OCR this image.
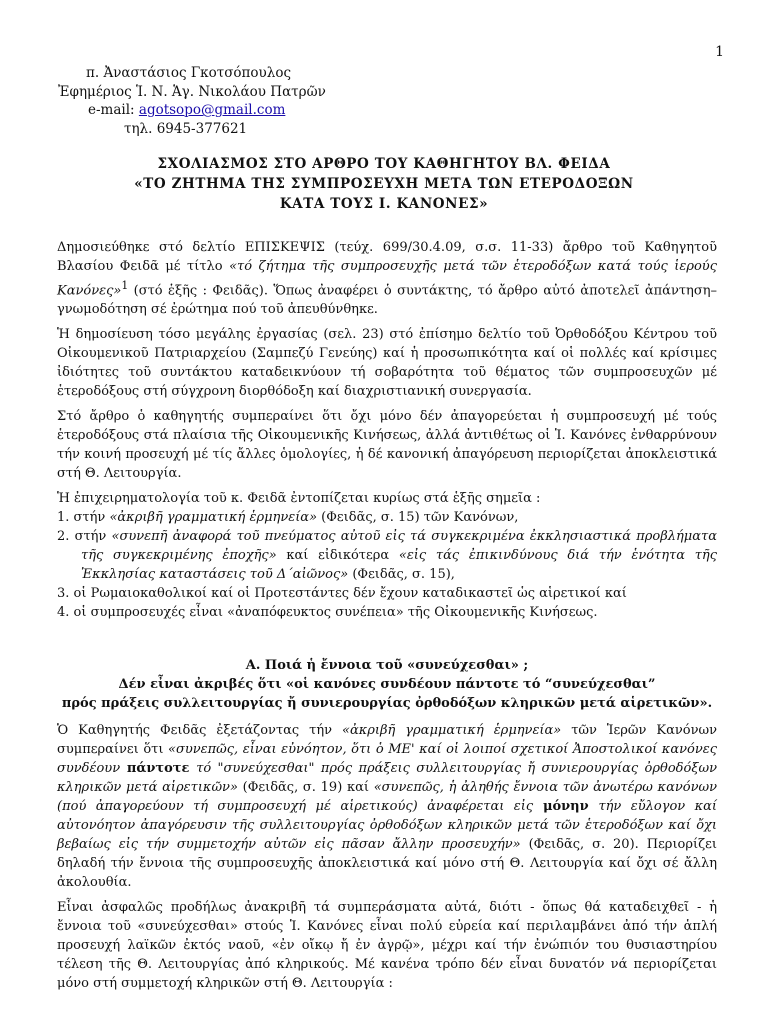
1
π. Ἀναστάσιος Γκοτσόπουλος
Ἐφημέριος Ἱ. Ν. Ἁγ. Νικολάου Πατρῶν
e-mail: agotsopo@gmail.com
τηλ. 6945-377621
ΣΧΟΛΙΑΣΜΟΣ ΣΤΟ ΑΡΘΡΟ ΤΟΥ ΚΑΘΗΓΗΤΟΥ ΒΛ. ΦΕΙΔΑ
«ΤΟ ΖΗΤΗΜΑ ΤΗΣ ΣΥΜΠΡΟΣΕΥΧΗ ΜΕΤΑ ΤΩΝ ΕΤΕΡΟΔΟΞΩΝ
ΚΑΤΑ ΤΟΥΣ Ι. ΚΑΝΟΝΕΣ»

Δημοσιεύθηκε στό δελτίο ΕΠΙΣΚΕΨΙΣ (τεύχ. 699/30.4.09, σ.σ. 11-33) ἄρθρο τοῦ Καθηγητοῦ Βλασίου Φειδᾶ μέ τίτλο «τό ζήτημα τῆς συμπροσευχῆς μετά τῶν ἑτεροδόξων κατά τούς ἱερούς Κανόνες»$^1$ (στό ἑξῆς : Φειδᾶς). Ὅπως ἀναφέρει ὁ συντάκτης, τό ἄρθρο αὐτό ἀποτελεῖ ἀπάντηση–γνωμοδότηση σέ ἐρώτημα πού τοῦ ἀπευθύνθηκε.

Ἡ δημοσίευση τόσο μεγάλης ἐργασίας (σελ. 23) στό ἐπίσημο δελτίο τοῦ Ὀρθοδόξου Κέντρου τοῦ Οἰκουμενικοῦ Πατριαρχείου (Σαμπεζύ Γενεύης) καί ἡ προσωπικότητα καί οἱ πολλές καί κρίσιμες ἰδιότητες τοῦ συντάκτου καταδεικνύουν τή σοβαρότητα τοῦ θέματος τῶν συμπροσευχῶν μέ ἑτεροδόξους στή σύγχρονη διορθόδοξη καί διαχριστιανική συνεργασία.

Στό ἄρθρο ὁ καθηγητής συμπεραίνει ὅτι ὄχι μόνο δέν ἀπαγορεύεται ἡ συμπροσευχή μέ τούς ἑτεροδόξους στά πλαίσια τῆς Οἰκουμενικῆς Κινήσεως, ἀλλά ἀντιθέτως οἱ Ἱ. Κανόνες ἐνθαρρύνουν τήν κοινή προσευχή μέ τίς ἄλλες ὁμολογίες, ἡ δέ κανονική ἀπαγόρευση περιορίζεται ἀποκλειστικά στή Θ. Λειτουργία.

Ἡ ἐπιχειρηματολογία τοῦ κ. Φειδᾶ ἐντοπίζεται κυρίως στά ἑξῆς σημεῖα :
1. στήν «ἀκριβῆ γραμματική ἑρμηνεία» (Φειδᾶς, σ. 15) τῶν Κανόνων,
2. στήν «συνεπῆ ἀναφορά τοῦ πνεύματος αὐτοῦ εἰς τά συγκεκριμένα ἐκκλησιαστικά προβλήματα τῆς συγκεκριμένης ἐποχῆς» καί εἰδικότερα «εἰς τάς ἐπικινδύνους διά τήν ἑνότητα τῆς Ἐκκλησίας καταστάσεις τοῦ Δ΄αἰῶνος» (Φειδᾶς, σ. 15),
3. οἱ Ρωμαιοκαθολικοί καί οἱ Προτεστάντες δέν ἔχουν καταδικαστεῖ ὡς αἱρετικοί καί
4. οἱ συμπροσευχές εἶναι «ἀναπόφευκτος συνέπεια» τῆς Οἰκουμενικῆς Κινήσεως.
Α. Ποιά ἡ ἔννοια τοῦ «συνεύχεσθαι» ;
Δέν εἶναι ἀκριβές ὅτι «οἱ κανόνες συνδέουν πάντοτε τό “συνεύχεσθαι”
πρός πράξεις συλλειτουργίας ἤ συνιερουργίας ὀρθοδόξων κληρικῶν μετά αἱρετικῶν».

Ὁ Καθηγητής Φειδᾶς ἐξετάζοντας τήν «ἀκριβῆ γραμματική ἑρμηνεία» τῶν Ἱερῶν Κανόνων συμπεραίνει ὅτι «συνεπῶς, εἶναι εὐνόητον, ὅτι ὁ ΜΕ' καί οἱ λοιποί σχετικοί Ἀποστολικοί κανόνες συνδέουν πάντοτε τό "συνεύχεσθαι" πρός πράξεις συλλειτουργίας ἤ συνιερουργίας ὀρθοδόξων κληρικῶν μετά αἱρετικῶν» (Φειδᾶς, σ. 19) καί «συνεπῶς, ἡ ἀληθής ἔννοια τῶν ἀνωτέρω κανόνων (πού ἀπαγορεύουν τή συμπροσευχή μέ αἱρετικούς) ἀναφέρεται εἰς μόνην τήν εὔλογον καί αὐτονόητον ἀπαγόρευσιν τῆς συλλειτουργίας ὀρθοδόξων κληρικῶν μετά τῶν ἑτεροδόξων καί ὄχι βεβαίως εἰς τήν συμμετοχήν αὐτῶν εἰς πᾶσαν ἄλλην προσευχήν» (Φειδᾶς, σ. 20). Περιορίζει δηλαδή τήν ἔννοια τῆς συμπροσευχῆς ἀποκλειστικά καί μόνο στή Θ. Λειτουργία καί ὄχι σέ ἄλλη ἀκολουθία.

Εἶναι ἀσφαλῶς προδήλως ἀνακριβῆ τά συμπεράσματα αὐτά, διότι - ὅπως θά καταδειχθεῖ - ἡ ἔννοια τοῦ «συνεύχεσθαι» στούς Ἱ. Κανόνες εἶναι πολύ εὐρεία καί περιλαμβάνει ἀπό τήν ἁπλή προσευχή λαϊκῶν ἐκτός ναοῦ, «ἐν οἴκῳ ἤ ἐν ἀγρῷ», μέχρι καί τήν ἐνώπιόν του θυσιαστηρίου τέλεση τῆς Θ. Λειτουργίας ἀπό κληρικούς. Μέ κανένα τρόπο δέν εἶναι δυνατόν νά περιορίζεται μόνο στή συμμετοχή κληρικῶν στή Θ. Λειτουργία :
